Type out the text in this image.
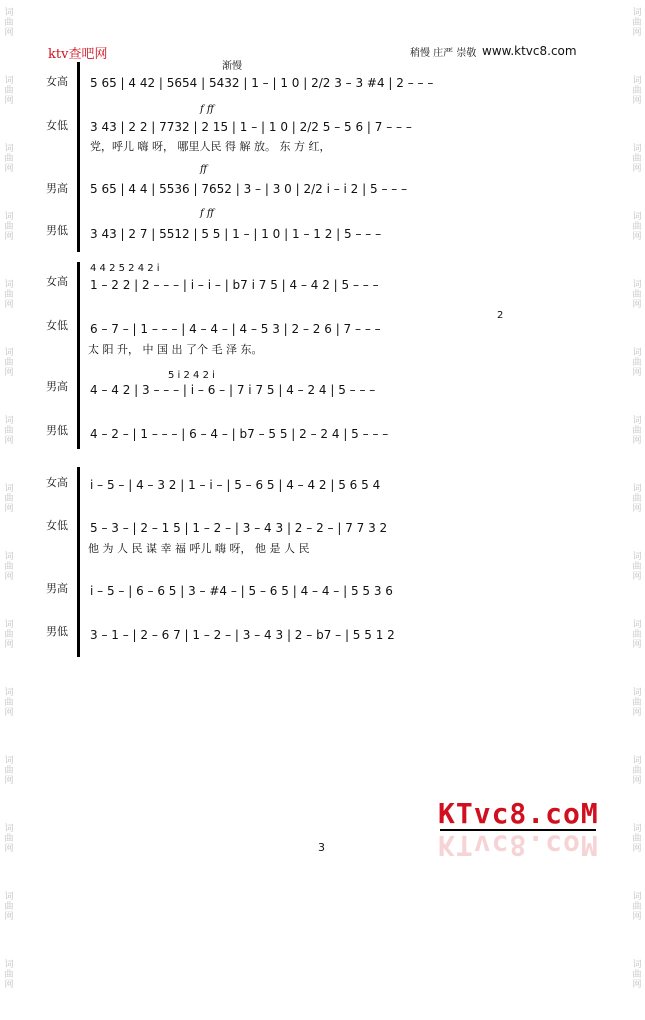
词
曲
网
词
曲
网
词
曲
网
词
曲
网
词
曲
网
词
曲
网
词
曲
网
词
曲
网
词
曲
网
词
曲
网
词
曲
网
词
曲
网
词
曲
网
词
曲
网
词
曲
网
词
曲
网
词
曲
网
词
曲
网
词
曲
网
词
曲
网
词
曲
网
词
曲
网
词
曲
网
词
曲
网
词
曲
网
词
曲
网
词
曲
网
词
曲
网
词
曲
网
词
曲
网
ktv查吧网	稍慢 庄严 崇敬 www.ktvc8.com
女高
渐慢
5 65 | 4 42 | 5654 | 5432 | 1 – | 1 0 | 2/2 3 – 3 #4 | 2 – – –
女低
f ff
3 43 | 2 2 | 7732 | 2 15 | 1 – | 1 0 | 2/2 5 – 5 6 | 7 – – –
党，呼儿 嗨 呀， 哪里人民 得 解 放。 东 方 红，
男高
ff
5 65 | 4 4 | 5536 | 7652 | 3 – | 3 0 | 2/2 i – i 2 | 5 – – –
男低
f ff
3 43 | 2 7 | 5512 | 5 5 | 1 – | 1 0 | 1 – 1 2 | 5 – – –
女高
4 4 2 5 2 4 2 i
1 – 2 2 | 2 – – – | i – i – | b7 i 7 5 | 4 – 4 2 | 5 – – –
女低
2
6 – 7 – | 1 – – – | 4 – 4 – | 4 – 5 3 | 2 – 2 6 | 7 – – –
太 阳 升， 中 国 出 了个 毛 泽 东。
男高
5 i 2 4 2 i
4 – 4 2 | 3 – – – | i – 6 – | 7 i 7 5 | 4 – 2 4 | 5 – – –
男低 4 – 2 – | 1 – – – | 6 – 4 – | b7 – 5 5 | 2 – 2 4 | 5 – – –
女高 i – 5 – | 4 – 3 2 | 1 – i – | 5 – 6 5 | 4 – 4 2 | 5 6 5 4
女低 5 – 3 – | 2 – 1 5 | 1 – 2 – | 3 – 4 3 | 2 – 2 – | 7 7 3 2
他 为 人 民 谋 幸 福 呼儿 嗨 呀， 他 是 人 民
男高 i – 5 – | 6 – 6 5 | 3 – #4 – | 5 – 6 5 | 4 – 4 – | 5 5 3 6
男低 3 – 1 – | 2 – 6 7 | 1 – 2 – | 3 – 4 3 | 2 – b7 – | 5 5 1 2
3
KTvc8.coM
KTvc8.coM
